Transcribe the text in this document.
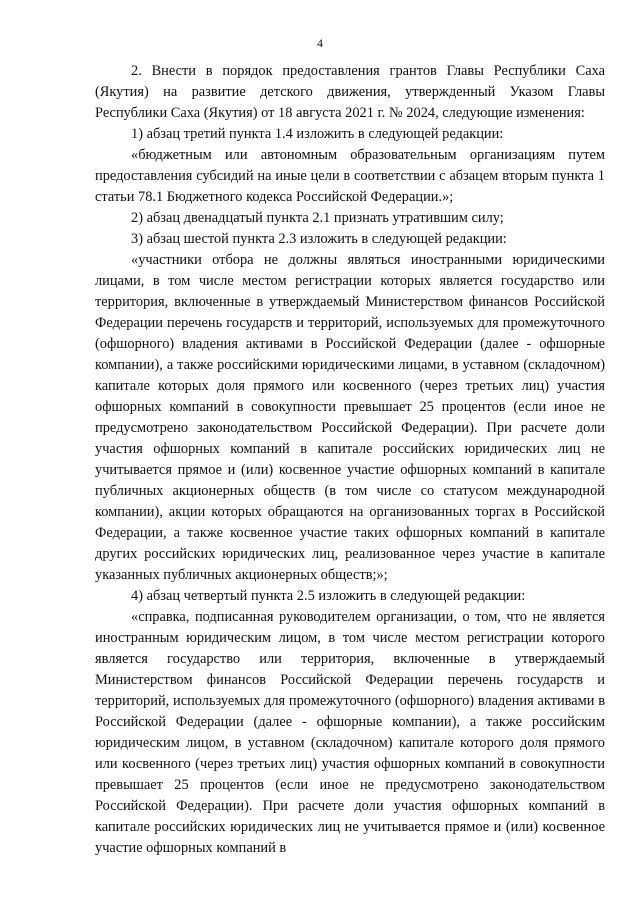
4

2. Внести в порядок предоставления грантов Главы Республики Саха (Якутия) на развитие детского движения, утвержденный Указом Главы Республики Саха (Якутия) от 18 августа 2021 г. № 2024, следующие изменения:

1) абзац третий пункта 1.4 изложить в следующей редакции:

«бюджетным или автономным образовательным организациям путем предоставления субсидий на иные цели в соответствии с абзацем вторым пункта 1 статьи 78.1 Бюджетного кодекса Российской Федерации.»;

2) абзац двенадцатый пункта 2.1 признать утратившим силу;

3) абзац шестой пункта 2.3 изложить в следующей редакции:

«участники отбора не должны являться иностранными юридическими лицами, в том числе местом регистрации которых является государство или территория, включенные в утверждаемый Министерством финансов Российской Федерации перечень государств и территорий, используемых для промежуточного (офшорного) владения активами в Российской Федерации (далее - офшорные компании), а также российскими юридическими лицами, в уставном (складочном) капитале которых доля прямого или косвенного (через третьих лиц) участия офшорных компаний в совокупности превышает 25 процентов (если иное не предусмотрено законодательством Российской Федерации). При расчете доли участия офшорных компаний в капитале российских юридических лиц не учитывается прямое и (или) косвенное участие офшорных компаний в капитале публичных акционерных обществ (в том числе со статусом международной компании), акции которых обращаются на организованных торгах в Российской Федерации, а также косвенное участие таких офшорных компаний в капитале других российских юридических лиц, реализованное через участие в капитале указанных публичных акционерных обществ;»;

4) абзац четвертый пункта 2.5 изложить в следующей редакции:

«справка, подписанная руководителем организации, о том, что не является иностранным юридическим лицом, в том числе местом регистрации которого является государство или территория, включенные в утверждаемый Министерством финансов Российской Федерации перечень государств и территорий, используемых для промежуточного (офшорного) владения активами в Российской Федерации (далее - офшорные компании), а также российским юридическим лицом, в уставном (складочном) капитале которого доля прямого или косвенного (через третьих лиц) участия офшорных компаний в совокупности превышает 25 процентов (если иное не предусмотрено законодательством Российской Федерации). При расчете доли участия офшорных компаний в капитале российских юридических лиц не учитывается прямое и (или) косвенное участие офшорных компаний в
